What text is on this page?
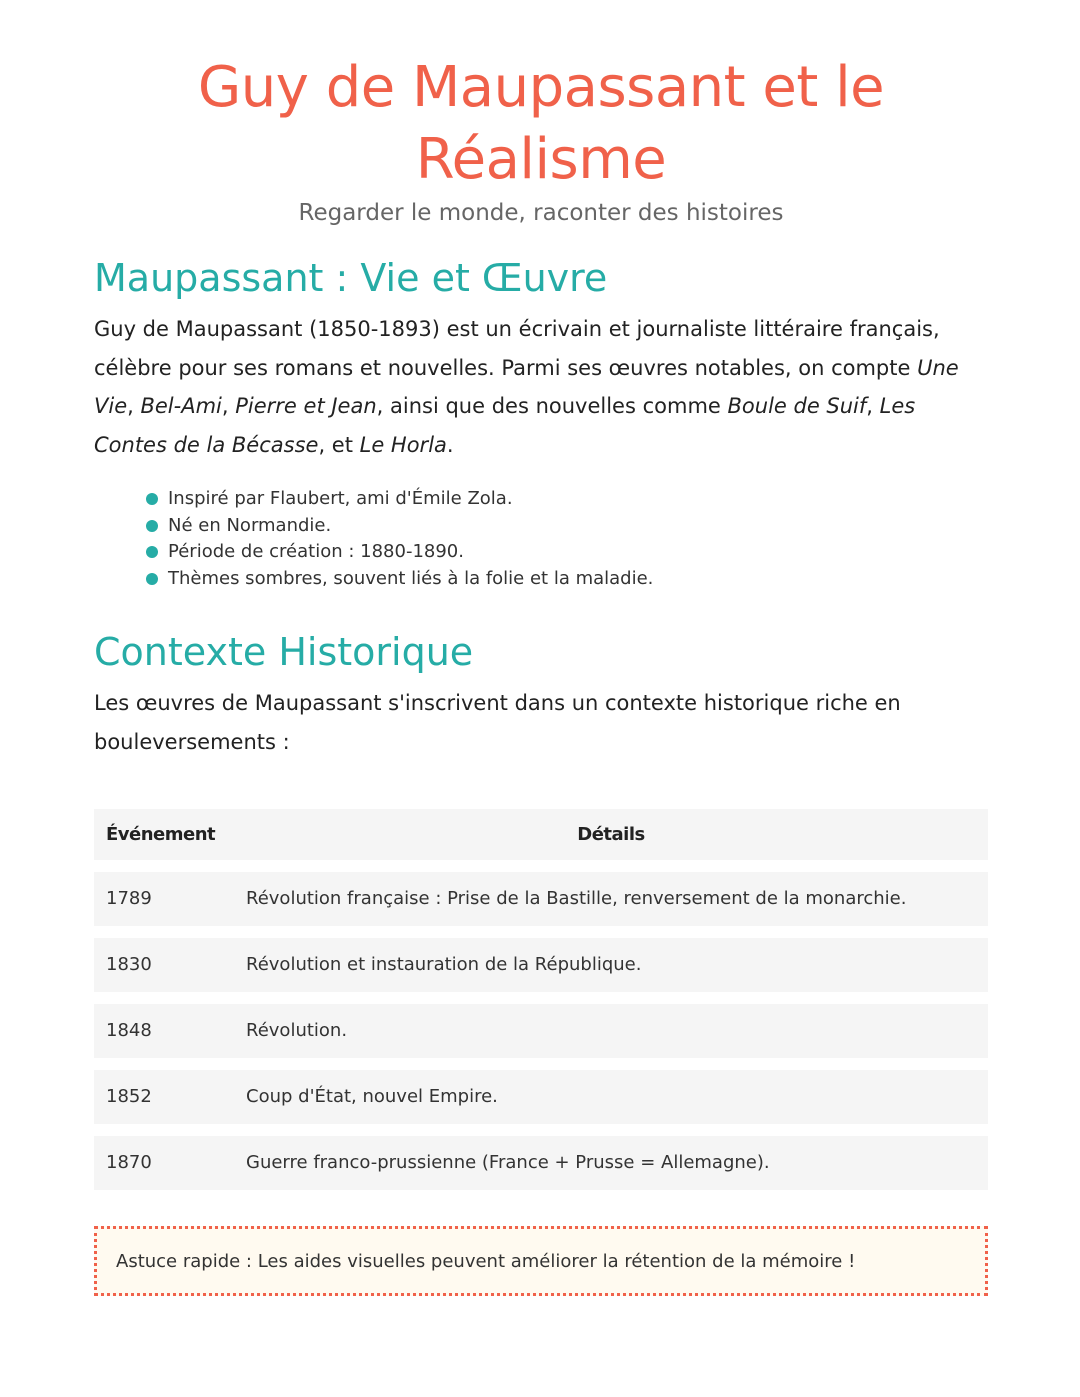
Guy de Maupassant et le Réalisme

Regarder le monde, raconter des histoires

Maupassant : Vie et Œuvre

Guy de Maupassant (1850-1893) est un écrivain et journaliste littéraire français, célèbre pour ses romans et nouvelles. Parmi ses œuvres notables, on compte Une Vie, Bel-Ami, Pierre et Jean, ainsi que des nouvelles comme Boule de Suif, Les Contes de la Bécasse, et Le Horla.

Inspiré par Flaubert, ami d'Émile Zola.
Né en Normandie.
Période de création : 1880-1890.
Thèmes sombres, souvent liés à la folie et la maladie.
Contexte Historique

Les œuvres de Maupassant s'inscrivent dans un contexte historique riche en bouleversements :

Événement	Détails
1789	Révolution française : Prise de la Bastille, renversement de la monarchie.
1830	Révolution et instauration de la République.
1848	Révolution.
1852	Coup d'État, nouvel Empire.
1870	Guerre franco-prussienne (France + Prusse = Allemagne).
Astuce rapide : Les aides visuelles peuvent améliorer la rétention de la mémoire !
